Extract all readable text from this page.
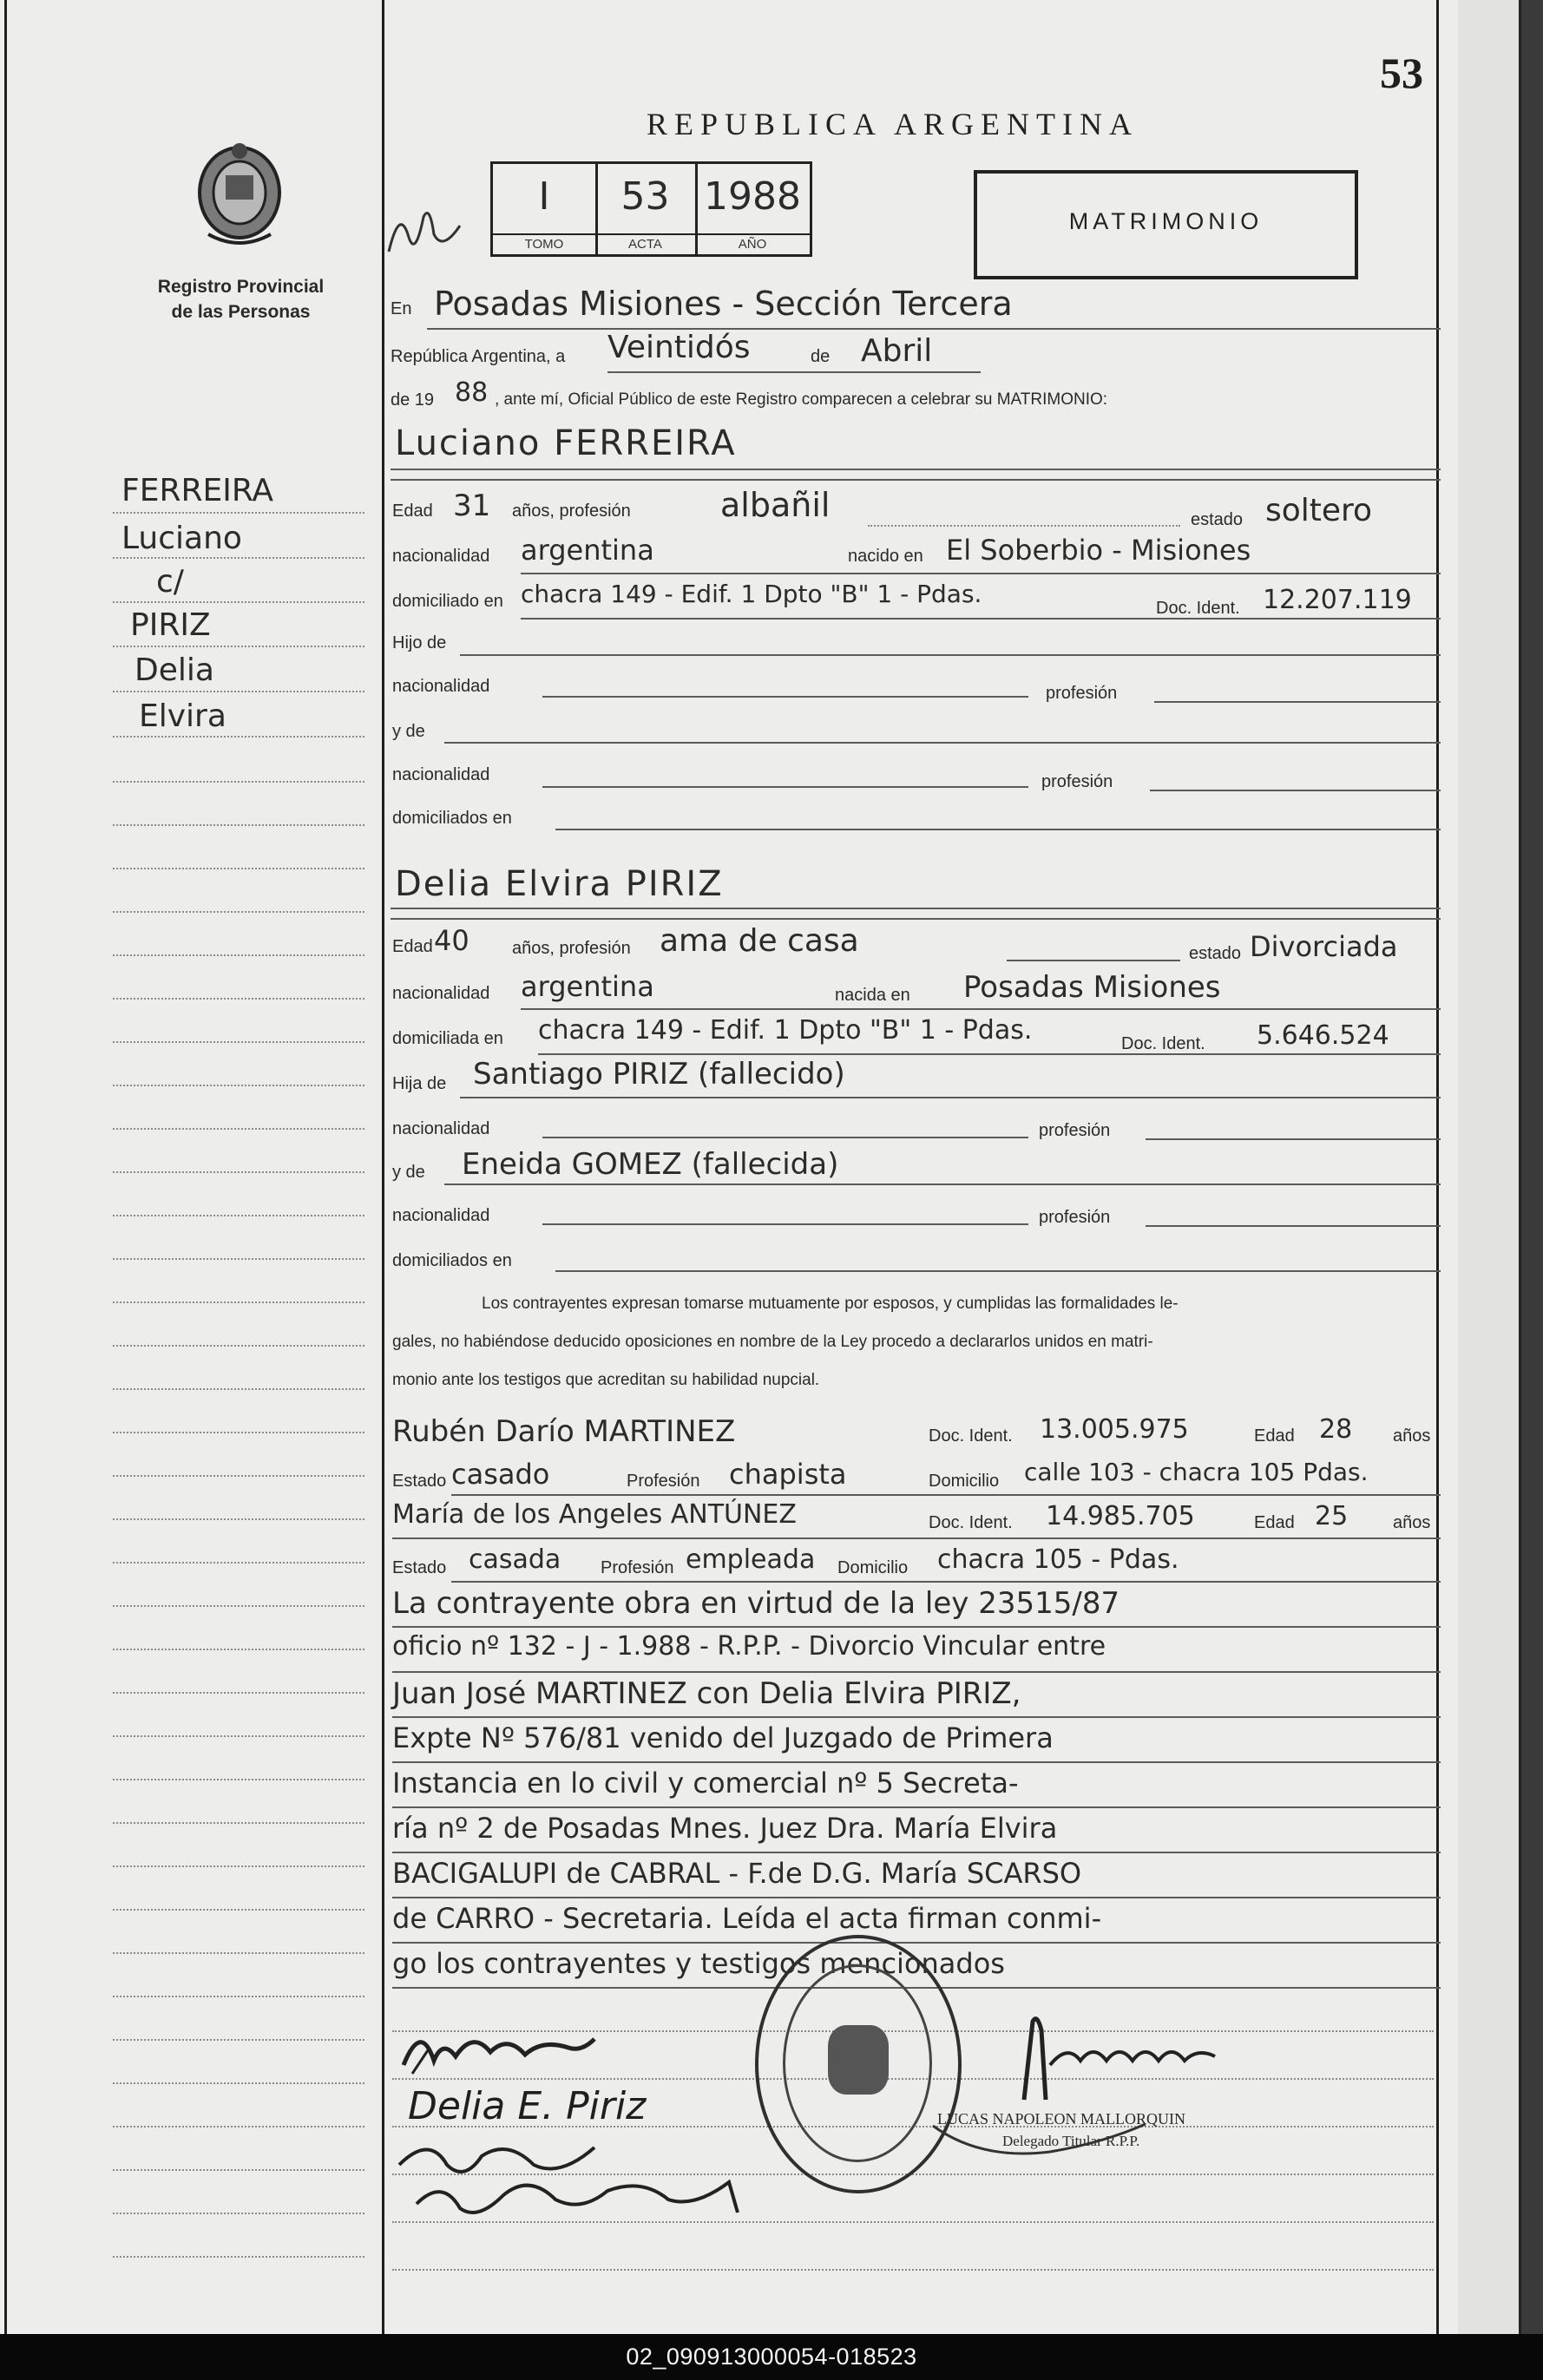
53
Registro Provincial
de las Personas
REPUBLICA ARGENTINA
I
TOMO
53
ACTA
1988
AÑO
MATRIMONIO
FERREIRA
Luciano
c/
PIRIZ
Delia
Elvira
En Posadas Misiones - Sección Tercera
República Argentina, a Veintidós	de Abril
de 19 88 , ante mí, Oficial Público de este Registro comparecen a celebrar su MATRIMONIO:
Luciano FERREIRA
Edad 31 años, profesión	albañil	estado soltero
nacionalidad argentina	nacido en El Soberbio - Misiones
domiciliado en chacra 149 - Edif. 1 Dpto "B" 1 - Pdas.	Doc. Ident. 12.207.119
Hijo de
nacionalidad	profesión
y de
nacionalidad	profesión
domiciliados en
Delia Elvira PIRIZ
Edad 40 años, profesión ama de casa	estado Divorciada
nacionalidad argentina	nacida en Posadas Misiones
domiciliada en chacra 149 - Edif. 1 Dpto "B" 1 - Pdas.	Doc. Ident. 5.646.524
Hija de Santiago PIRIZ (fallecido)
nacionalidad	profesión
y de Eneida GOMEZ (fallecida)
nacionalidad	profesión
domiciliados en
Los contrayentes expresan tomarse mutuamente por esposos, y cumplidas las formalidades le-
gales, no habiéndose deducido oposiciones en nombre de la Ley procedo a declararlos unidos en matri-
monio ante los testigos que acreditan su habilidad nupcial.
Rubén Darío MARTINEZ	Doc. Ident. 13.005.975	Edad 28 años
Estado casado	Profesión chapista	Domicilio calle 103 - chacra 105 Pdas.
María de los Angeles ANTÚNEZ	Doc. Ident. 14.985.705	Edad 25	años
Estado casada Profesión empleada Domicilio chacra 105 - Pdas.
La contrayente obra en virtud de la ley 23515/87
oficio nº 132 - J - 1.988 - R.P.P. - Divorcio Vincular entre
Juan José MARTINEZ con Delia Elvira PIRIZ,
Expte Nº 576/81 venido del Juzgado de Primera
Instancia en lo civil y comercial nº 5 Secreta-
ría nº 2 de Posadas Mnes. Juez Dra. María Elvira
BACIGALUPI de CABRAL - F.de D.G. María SCARSO
de CARRO - Secretaria. Leída el acta firman conmi-
go los contrayentes y testigos mencionados
Delia E. Piriz	LUCAS NAPOLEON MALLORQUIN
Delegado Titular R.P.P.
02_090913000054-018523
